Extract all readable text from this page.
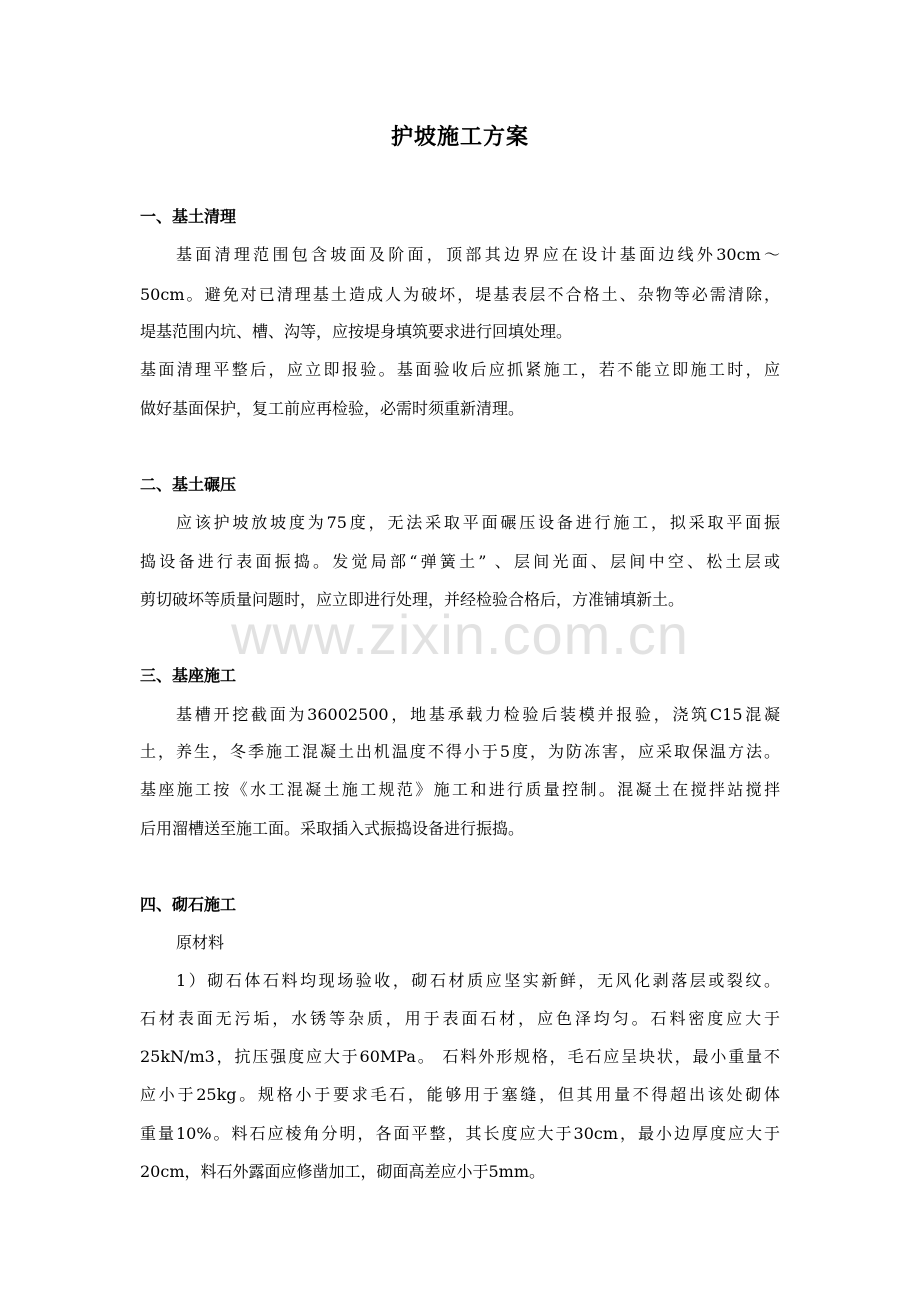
护坡施工方案
一、基土清理
基面清理范围包含坡面及阶面，顶部其边界应在设计基面边线外30cm～
50cm。避免对已清理基土造成人为破坏，堤基表层不合格土、杂物等必需清除，
堤基范围内坑、槽、沟等，应按堤身填筑要求进行回填处理。
基面清理平整后，应立即报验。基面验收后应抓紧施工，若不能立即施工时，应
做好基面保护，复工前应再检验，必需时须重新清理。
二、基土碾压
应该护坡放坡度为75度，无法采取平面碾压设备进行施工，拟采取平面振
捣设备进行表面振捣。发觉局部“弹簧土” 、层间光面、层间中空、松土层或
剪切破坏等质量问题时，应立即进行处理，并经检验合格后，方准铺填新土。
三、基座施工
基槽开挖截面为36002500，地基承载力检验后装模并报验，浇筑C15混凝
土，养生，冬季施工混凝土出机温度不得小于5度，为防冻害，应采取保温方法。
基座施工按《水工混凝土施工规范》施工和进行质量控制。混凝土在搅拌站搅拌
后用溜槽送至施工面。采取插入式振捣设备进行振捣。
四、砌石施工
原材料
1）砌石体石料均现场验收，砌石材质应坚实新鲜，无风化剥落层或裂纹。
石材表面无污垢，水锈等杂质，用于表面石材，应色泽均匀。石料密度应大于
25kN/m3，抗压强度应大于60MPa。 石料外形规格，毛石应呈块状，最小重量不
应小于25kg。规格小于要求毛石，能够用于塞缝，但其用量不得超出该处砌体
重量10%。料石应棱角分明，各面平整，其长度应大于30cm，最小边厚度应大于
20cm，料石外露面应修凿加工，砌面高差应小于5mm。
www.zixin.com.cn
